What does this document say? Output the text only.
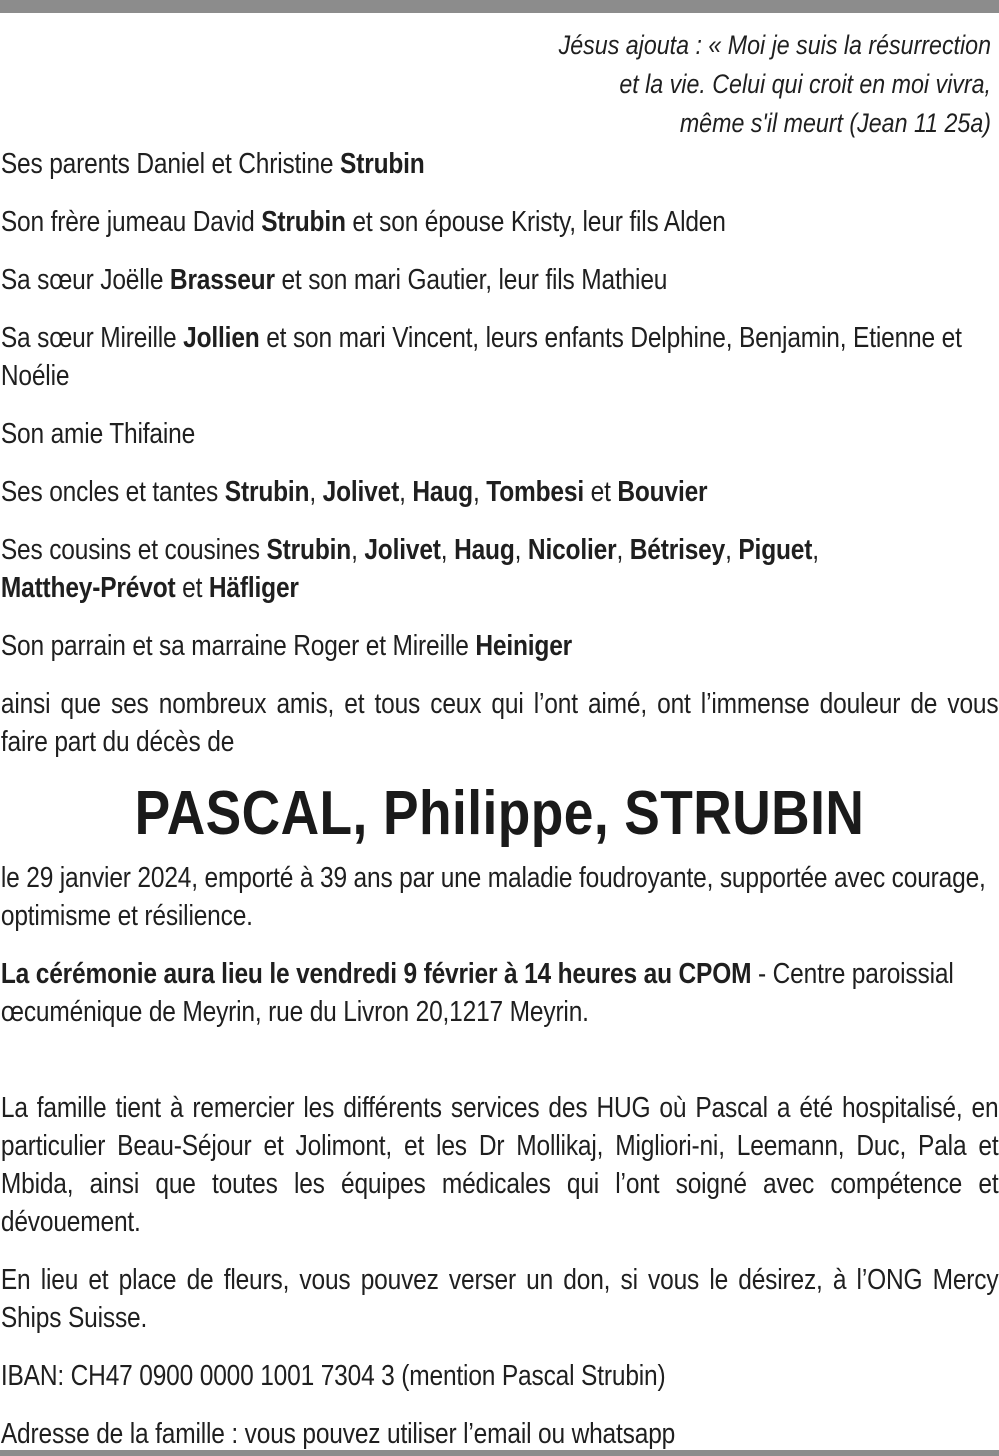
Jésus ajouta : « Moi je suis la résurrection
et la vie. Celui qui croit en moi vivra,
même s'il meurt (Jean 11 25a)

Ses parents Daniel et Christine Strubin

Son frère jumeau David Strubin et son épouse Kristy, leur fils Alden

Sa sœur Joëlle Brasseur et son mari Gautier, leur fils Mathieu

Sa sœur Mireille Jollien et son mari Vincent, leurs enfants Delphine, Benjamin, Etienne et Noélie

Son amie Thifaine

Ses oncles et tantes Strubin, Jolivet, Haug, Tombesi et Bouvier

Ses cousins et cousines Strubin, Jolivet, Haug, Nicolier, Bétrisey, Piguet,
Matthey-Prévot et Häfliger

Son parrain et sa marraine Roger et Mireille Heiniger

ainsi que ses nombreux amis, et tous ceux qui l’ont aimé, ont l’immense douleur de vous faire part du décès de

PASCAL, Philippe, STRUBIN

le 29 janvier 2024, emporté à 39 ans par une maladie foudroyante, supportée avec courage, optimisme et résilience.

La cérémonie aura lieu le vendredi 9 février à 14 heures au CPOM - Centre paroissial œcuménique de Meyrin, rue du Livron 20,1217 Meyrin.

La famille tient à remercier les différents services des HUG où Pascal a été hospitalisé, en particulier Beau-Séjour et Jolimont, et les Dr Mollikaj, Migliori-ni, Leemann, Duc, Pala et Mbida, ainsi que toutes les équipes médicales qui l’ont soigné avec compétence et dévouement.

En lieu et place de fleurs, vous pouvez verser un don, si vous le désirez, à l’ONG Mercy Ships Suisse.

IBAN: CH47 0900 0000 1001 7304 3 (mention Pascal Strubin)

Adresse de la famille : vous pouvez utiliser l’email ou whatsapp
